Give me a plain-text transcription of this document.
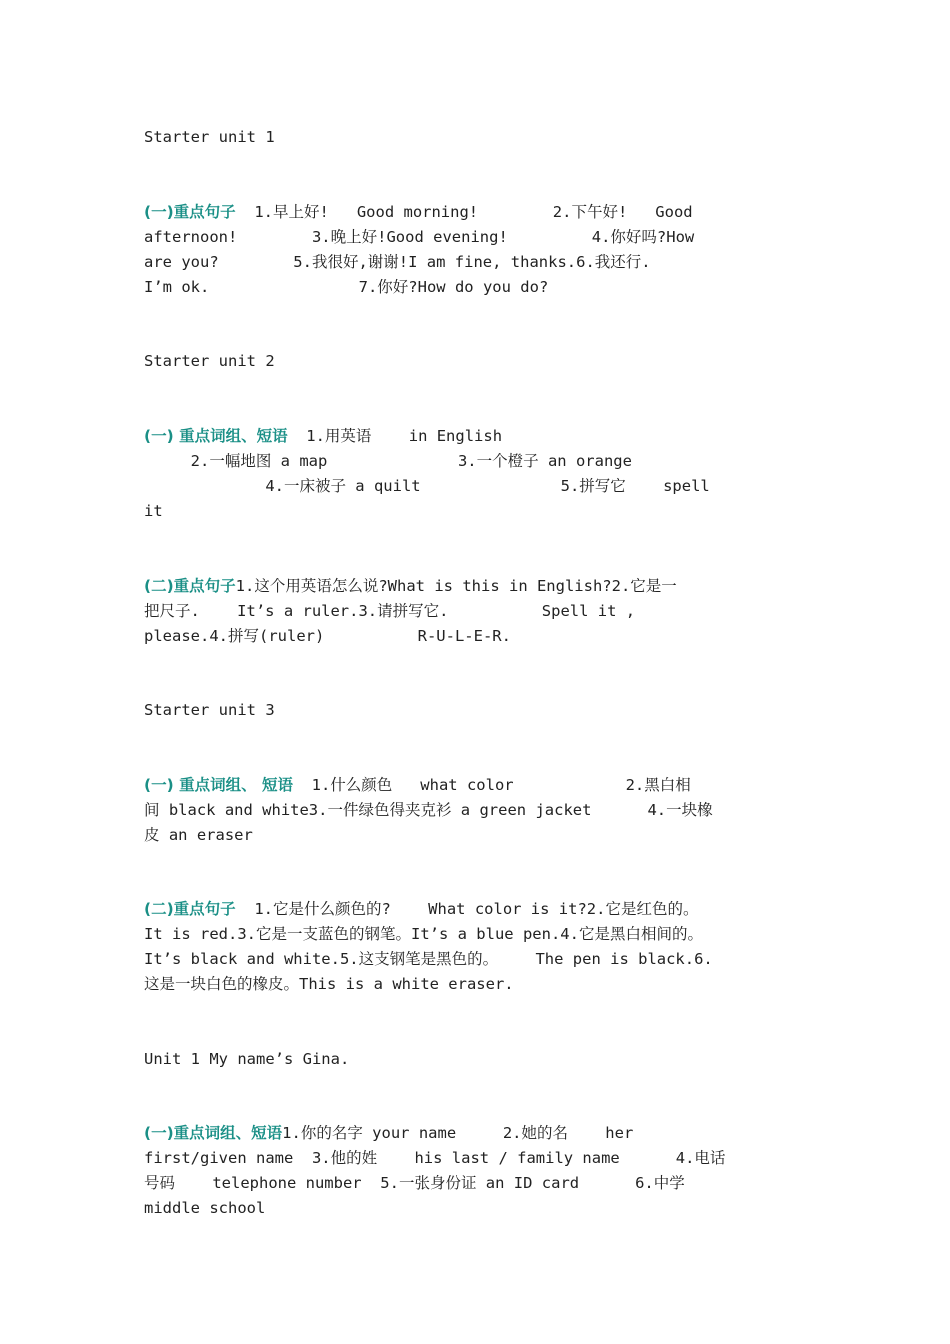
Starter unit 1
(一)重点句子  1.早上好!   Good morning!        2.下午好!   Good
afternoon!        3.晚上好!Good evening!         4.你好吗?How
are you?        5.我很好,谢谢!I am fine, thanks.6.我还行.
I’m ok.                7.你好?How do you do?
Starter unit 2
(一) 重点词组、短语  1.用英语    in English
2.一幅地图 a map              3.一个橙子 an orange
4.一床被子 a quilt               5.拼写它    spell
it
(二)重点句子1.这个用英语怎么说?What is this in English?2.它是一
把尺子.    It’s a ruler.3.请拼写它.          Spell it ,
please.4.拼写(ruler)          R-U-L-E-R.
Starter unit 3
(一) 重点词组、 短语  1.什么颜色   what color            2.黑白相
间 black and white3.一件绿色得夹克衫 a green jacket      4.一块橡
皮 an eraser
(二)重点句子  1.它是什么颜色的?    What color is it?2.它是红色的。
It is red.3.它是一支蓝色的钢笔。It’s a blue pen.4.它是黑白相间的。
It’s black and white.5.这支钢笔是黑色的。    The pen is black.6.
这是一块白色的橡皮。This is a white eraser.
Unit 1 My name’s Gina.
(一)重点词组、短语1.你的名字 your name     2.她的名    her
first/given name  3.他的姓    his last / family name      4.电话
号码    telephone number  5.一张身份证 an ID card      6.中学
middle school
